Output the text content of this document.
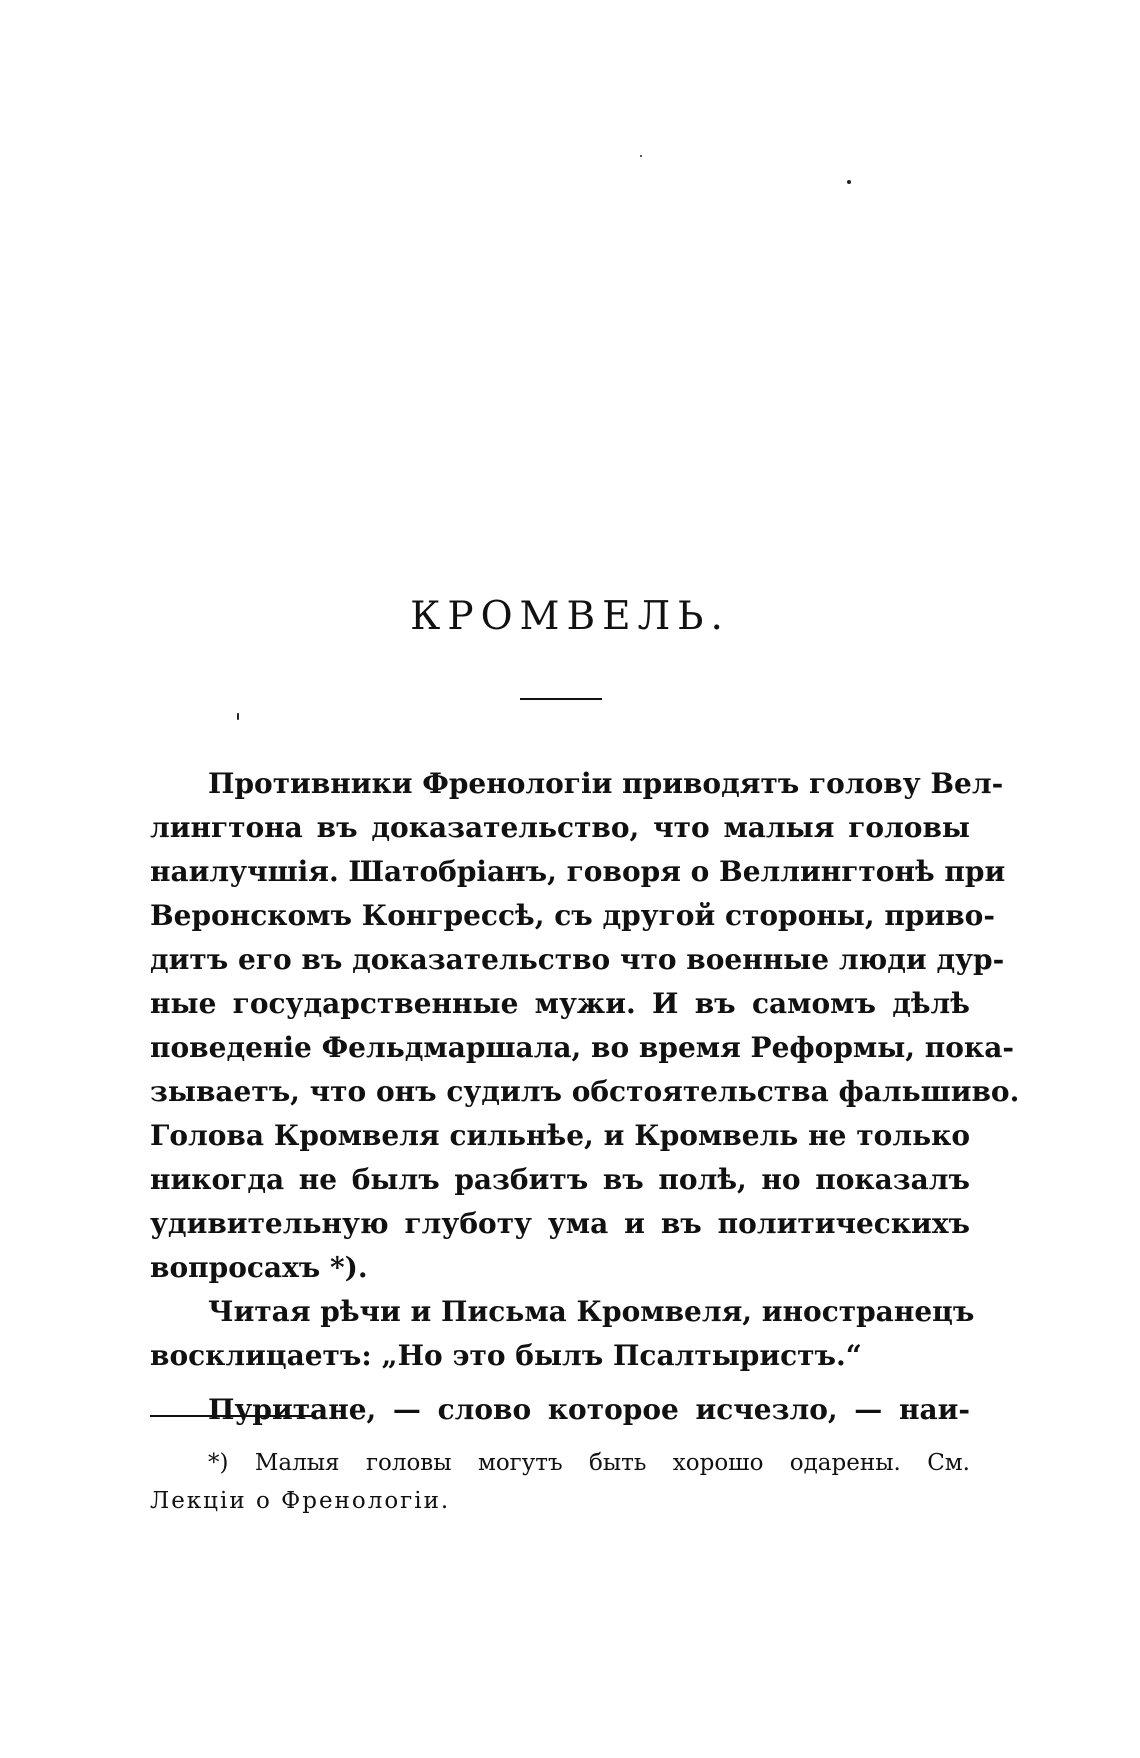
КРОМВЕЛЬ.
Противники Френологіи приводятъ голову Вел-
лингтона въ доказательство, что малыя головы
наилучшія. Шатобріанъ, говоря о Веллингтонѣ при
Веронскомъ Конгрессѣ, съ другой стороны, приво-
дитъ его въ доказательство что военные люди дур-
ные государственные мужи. И въ самомъ дѣлѣ
поведеніе Фельдмаршала, во время Реформы, пока-
зываетъ, что онъ судилъ обстоятельства фальшиво.
Голова Кромвеля сильнѣе, и Кромвель не только
никогда не былъ разбитъ въ полѣ, но показалъ
удивительную глуботу ума и въ политическихъ
вопросахъ *).
Читая рѣчи и Письма Кромвеля, иностранецъ
восклицаетъ: „Но это былъ Псалтыристъ.“
Пуритане, — слово которое исчезло, — наи-
*) Малыя головы могутъ быть хорошо одарены. См.
Лекціи о Френологіи.
